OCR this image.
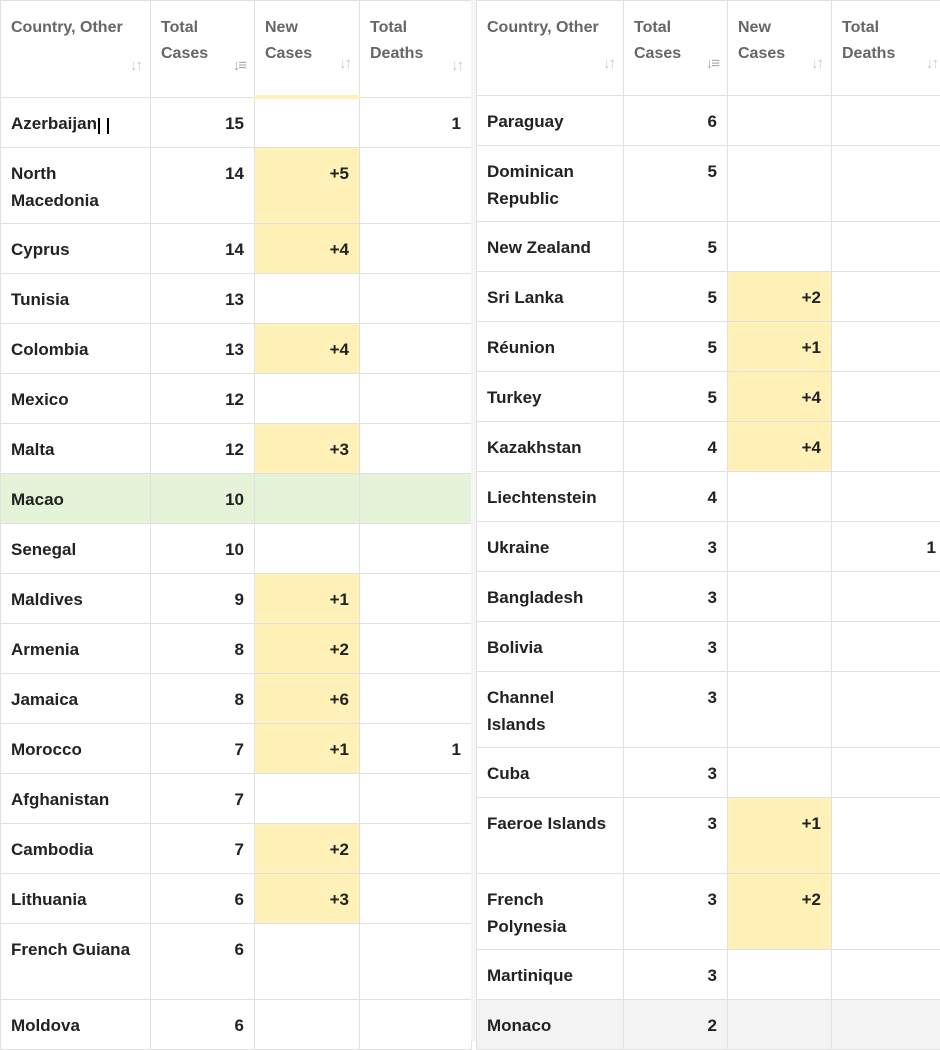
Country, Other
↓↑	Total Cases
↓≡	New Cases
↓↑	Total Deaths
↓↑

Azerbaijan	15		1
North Macedonia	14	+5	
Cyprus	14	+4	
Tunisia	13		
Colombia	13	+4	
Mexico	12		
Malta	12	+3	
Macao	10		
Senegal	10		
Maldives	9	+1	
Armenia	8	+2	
Jamaica	8	+6	
Morocco	7	+1	1
Afghanistan	7		
Cambodia	7	+2	
Lithuania	6	+3	
French Guiana	6		
Moldova	6		
Country, Other
↓↑	Total Cases
↓≡	New Cases
↓↑	Total Deaths
↓↑

Paraguay	6		
Dominican Republic	5		
New Zealand	5		
Sri Lanka	5	+2	
Réunion	5	+1	
Turkey	5	+4	
Kazakhstan	4	+4	
Liechtenstein	4		
Ukraine	3		1
Bangladesh	3		
Bolivia	3		
Channel Islands	3		
Cuba	3		
Faeroe Islands	3	+1	
French Polynesia	3	+2	
Martinique	3		
Monaco	2		
